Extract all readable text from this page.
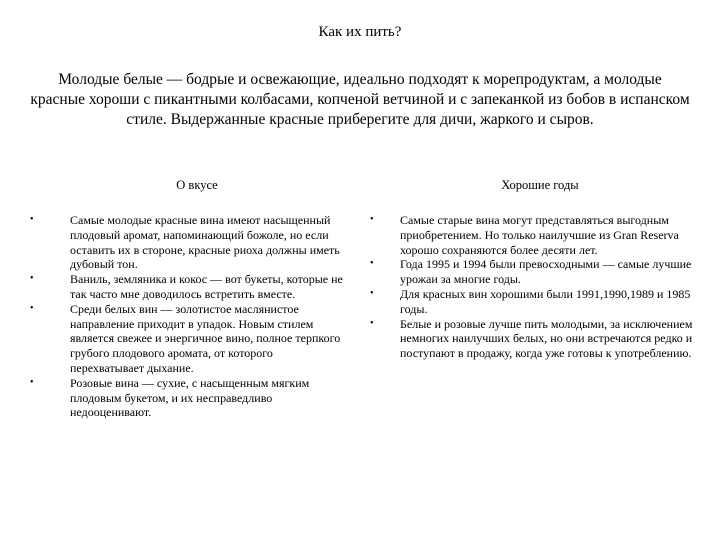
Как их пить?
Молодые белые — бодрые и освежающие, идеально подходят к морепродуктам, а молодые красные хороши с пикантными колбасами, копченой ветчиной и с запеканкой из бобов в испанском стиле. Выдержанные красные приберегите для дичи, жаркого и сыров.
О вкусе	Хорошие годы
•	Самые молодые красные вина имеют насыщенный плодовый аромат, напоминающий божоле, но если оставить их в стороне, красные риоха должны иметь дубовый тон.
•	Ваниль, земляника и кокос — вот букеты, которые не так часто мне доводилось встретить вместе.
•	Среди белых вин — золотистое маслянистое направление приходит в упадок. Новым стилем является свежее и энергичное вино, полное терпкого грубого плодового аромата, от которого перехватывает дыхание.
•	Розовые вина — сухие, с насыщенным мягким плодовым букетом, и их несправедливо недооценивают.
• Самые старые вина могут представляться выгодным приобретением. Но только наилучшие из Gran Reserva хорошо сохраняются более десяти лет.
• Года 1995 и 1994 были превосходными — самые лучшие урожаи за многие годы.
• Для красных вин хорошими были 1991,1990,1989 и 1985 годы.
• Белые и розовые лучше пить молодыми, за исключением немногих наилучших белых, но они встречаются редко и поступают в продажу, когда уже готовы к употреблению.
